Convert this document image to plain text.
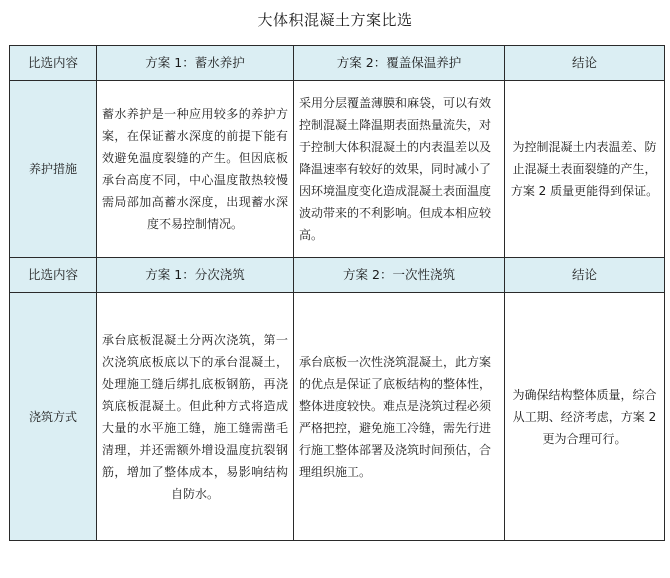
大体积混凝土方案比选
比选内容	方案 1：蓄水养护	方案 2：覆盖保温养护	结论
养护措施	蓄水养护是一种应用较多的养护方案，在保证蓄水深度的前提下能有效避免温度裂缝的产生。但因底板承台高度不同，中心温度散热较慢需局部加高蓄水深度，出现蓄水深度不易控制情况。	采用分层覆盖薄膜和麻袋，可以有效控制混凝土降温期表面热量流失，对于控制大体积混凝土的内表温差以及降温速率有较好的效果，同时减小了因环境温度变化造成混凝土表面温度波动带来的不利影响。但成本相应较高。	为控制混凝土内表温差、防止混凝土表面裂缝的产生，方案 2 质量更能得到保证。
比选内容	方案 1：分次浇筑	方案 2：一次性浇筑	结论
浇筑方式	承台底板混凝土分两次浇筑，第一次浇筑底板底以下的承台混凝土，处理施工缝后绑扎底板钢筋，再浇筑底板混凝土。但此种方式将造成大量的水平施工缝，施工缝需凿毛清理，并还需额外增设温度抗裂钢筋，增加了整体成本，易影响结构自防水。	承台底板一次性浇筑混凝土，此方案的优点是保证了底板结构的整体性，整体进度较快。难点是浇筑过程必须严格把控，避免施工冷缝，需先行进行施工整体部署及浇筑时间预估，合理组织施工。	为确保结构整体质量，综合从工期、经济考虑，方案 2 更为合理可行。
